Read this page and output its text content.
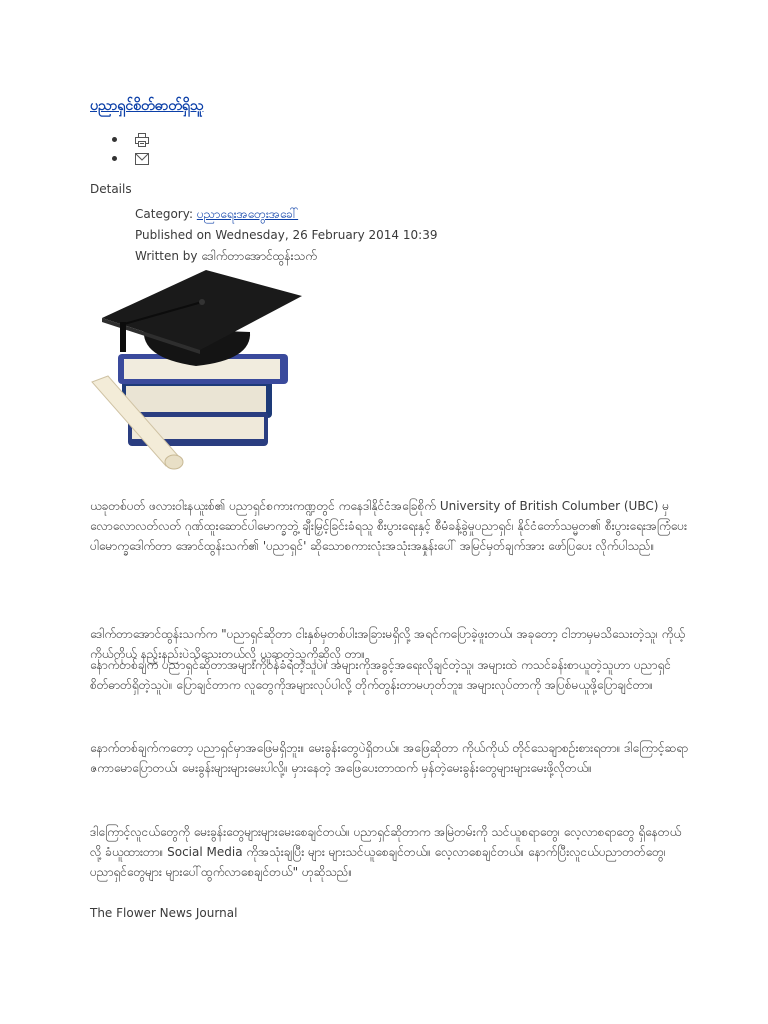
ပညာရှင်စိတ်ဓာတ်ရှိသူ
Details
Category: ပညာရေးအတွေးအခေါ်
Published on Wednesday, 26 February 2014 10:39
Written by ဒေါက်တာအောင်ထွန်းသက်

ယခုတစ်ပတ် ဖလားဝါးနယူးစ်၏ ပညာရှင်စကားကဏ္ဍတွင် ကနေဒါနိုင်ငံအခြေစိုက် University of British Columber (UBC) မှ လောလောလတ်လတ် ဂုဏ်ထူးဆောင်ပါမောက္ခဘွဲ့ ချီးမြှင့်ခြင်းခံရသူ စီးပွားရေးနှင့် စီမံခန့်ခွဲမှုပညာရှင်၊ နိုင်ငံတော်သမ္မတ၏ စီးပွားရေးအကြံပေး ပါမောက္ခဒေါက်တာ အောင်ထွန်းသက်၏ 'ပညာရှင်' ဆိုသောစကားလုံးအသုံးအနှုန်းပေါ် အမြင်မှတ်ချက်အား ဖော်ပြပေး လိုက်ပါသည်။

ဒေါက်တာအောင်ထွန်းသက်က "ပညာရှင်ဆိုတာ ငါးနှစ်မှတစ်ပါးအခြားမရှိလို့ အရင်ကပြောခဲ့ဖူးတယ်၊ အခုတော့ ငါဘာမှမသိသေးတဲ့သူ၊ ကိုယ့်ကိုယ်ကိုယ် နည်းနည်းပဲသိသေးတယ်လို့ ယူဆတဲ့သူကိုဆိုလို တာ။

နောက်တစ်ချက် ပညာရှင်ဆိုတာအများကိုဝန်ခံရဲတဲ့သူပဲ။ အများကိုအခွင့်အရေးလိုချင်တဲ့သူ၊ အများထဲ ကသင်ခန်းစာယူတဲ့သူဟာ ပညာရှင်စိတ်ဓာတ်ရှိတဲ့သူပဲ။ ပြောချင်တာက လူတွေကိုအများလုပ်ပါလို့ တိုက်တွန်းတာမဟုတ်ဘူး၊ အများလုပ်တာကို အပြစ်မယူဖို့ပြောချင်တာ။

နောက်တစ်ချက်ကတော့ ပညာရှင်မှာအဖြေမရှိဘူး။ မေးခွန်းတွေပဲရှိတယ်။ အဖြေဆိုတာ ကိုယ်ကိုယ် တိုင်သေချာစဉ်းစားရတာ။ ဒါကြောင့်ဆရာဇကာမောပြောတယ်၊ မေးခွန်းများများမေးပါလို့။ မှားနေတဲ့ အဖြေပေးတာထက် မှန်တဲ့မေးခွန်းတွေများများမေးဖို့လိုတယ်။

ဒါကြောင့်လူငယ်တွေကို မေးခွန်းတွေများများမေးစေချင်တယ်။ ပညာရှင်ဆိုတာက အမြဲတမ်းကို သင်ယူစရာတွေ၊ လေ့လာစရာတွေ ရှိနေတယ်လို့ ခံယူထားတာ။ Social Media ကိုအသုံးချပြီး များ များသင်ယူစေချင်တယ်။ လေ့လာစေချင်တယ်။ နောက်ပြီးလူငယ်ပညာတတ်တွေ၊ ပညာရှင်တွေများ များပေါ်ထွက်လာစေချင်တယ်" ဟုဆိုသည်။

The Flower News Journal
